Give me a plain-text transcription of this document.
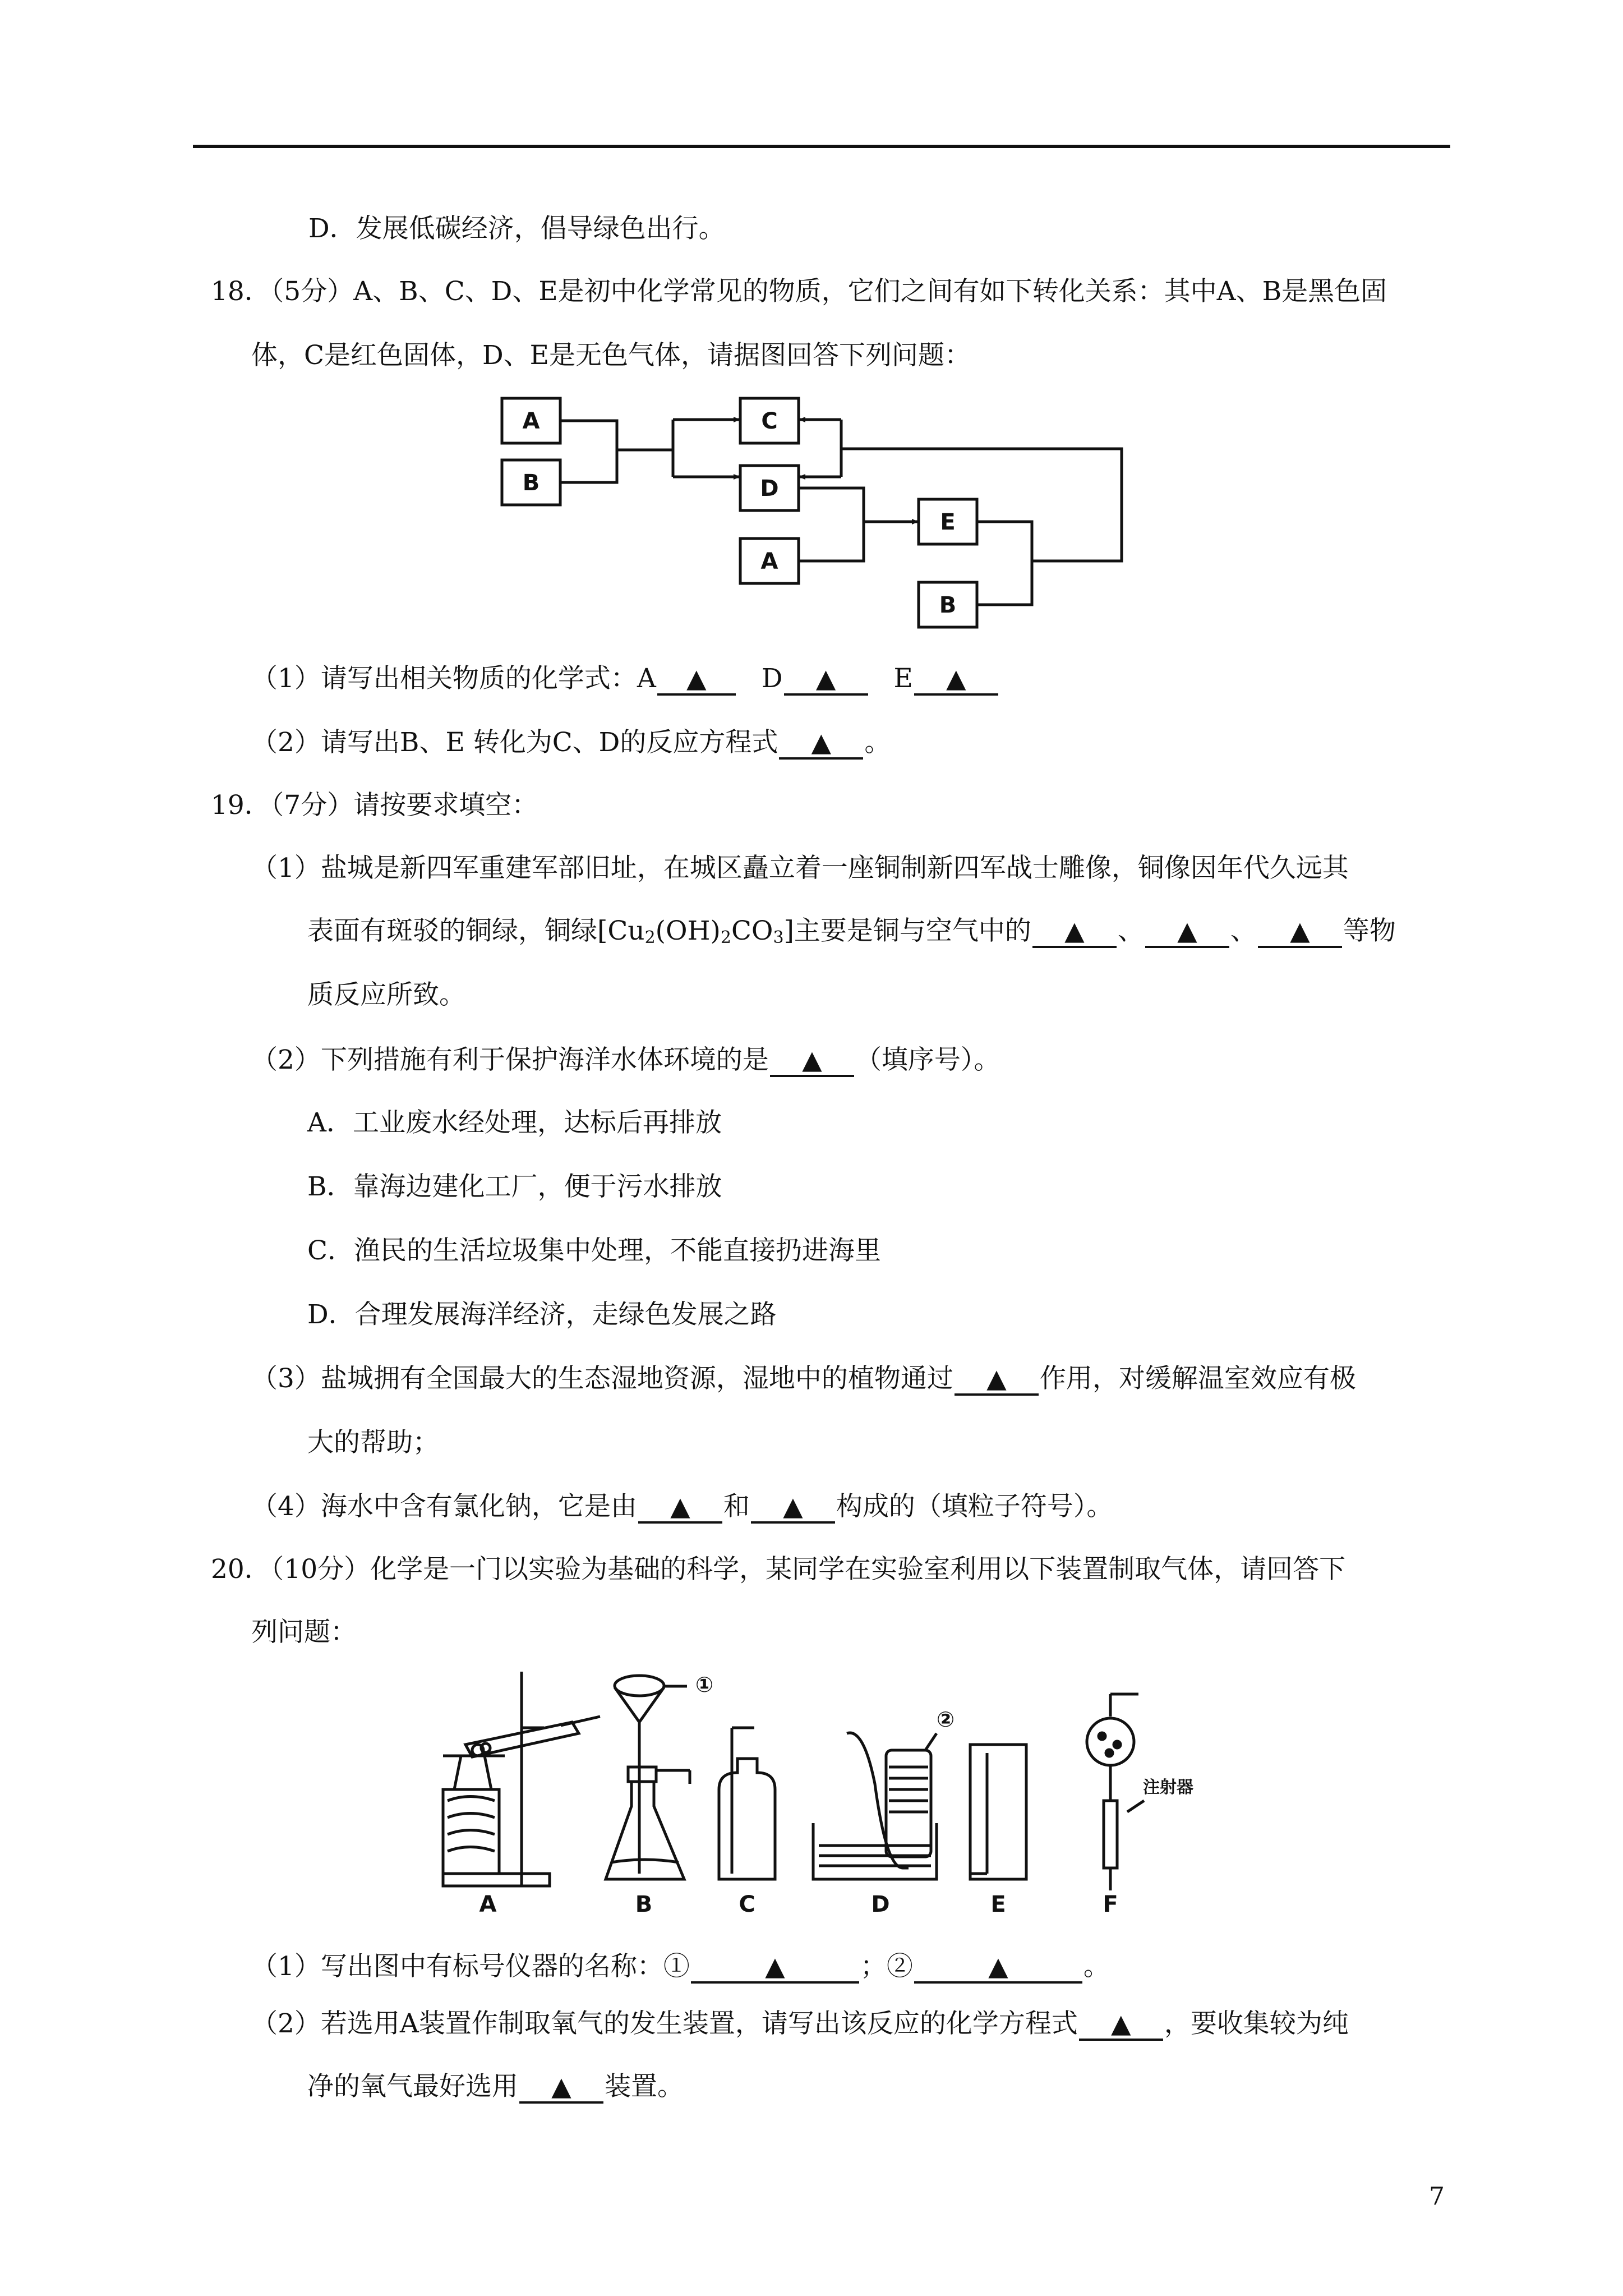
D．发展低碳经济，倡导绿色出行。
18．（5分）A、B、C、D、E是初中化学常见的物质，它们之间有如下转化关系：其中A、B是黑色固
体，C是红色固体，D、E是无色气体，请据图回答下列问题：
A
B
C
D
A
E
B
（1）请写出相关物质的化学式：A ▲ D ▲ E ▲
（2）请写出B、E 转化为C、D的反应方程式 ▲ 。
19．（7分）请按要求填空：
（1）盐城是新四军重建军部旧址，在城区矗立着一座铜制新四军战士雕像，铜像因年代久远其
表面有斑驳的铜绿，铜绿$[Cu_2(OH)_2CO_3]$主要是铜与空气中的 ▲ 、 ▲ 、 ▲ 等物
质反应所致。
（2）下列措施有利于保护海洋水体环境的是 ▲ （填序号）。
A．工业废水经处理，达标后再排放
B．靠海边建化工厂，便于污水排放
C．渔民的生活垃圾集中处理，不能直接扔进海里
D．合理发展海洋经济，走绿色发展之路
（3）盐城拥有全国最大的生态湿地资源，湿地中的植物通过 ▲ 作用，对缓解温室效应有极
大的帮助；
（4）海水中含有氯化钠，它是由 ▲ 和 ▲ 构成的（填粒子符号）。
20．（10分）化学是一门以实验为基础的科学，某同学在实验室利用以下装置制取气体，请回答下
列问题：
①
②
注射器
A	B	C	D	E	F
（1）写出图中有标号仪器的名称：①	▲	；②	▲	。
（2）若选用A装置作制取氧气的发生装置，请写出该反应的化学方程式 ▲ ，要收集较为纯
净的氧气最好选用 ▲ 装置。
7
